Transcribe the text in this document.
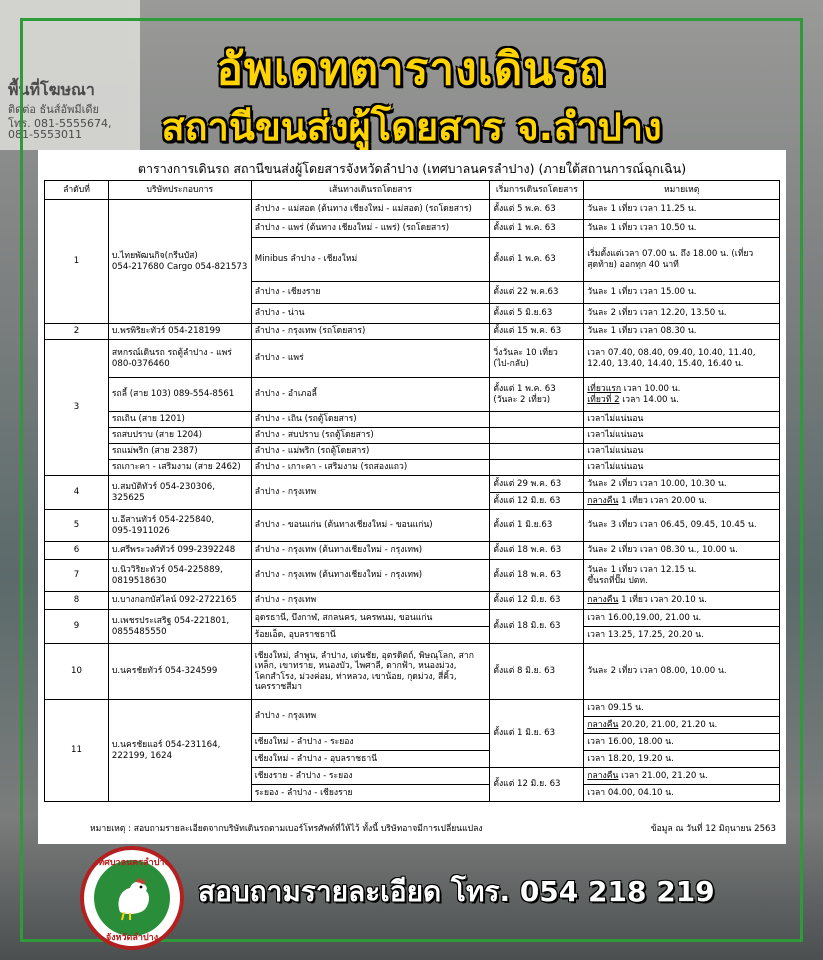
พื้นที่โฆษณา
ติดต่อ ธันส์อัพมีเดีย
โทร. 081-5555674,
081-5553011
อัพเดทตารางเดินรถ
สถานีขนส่งผู้โดยสาร จ.ลำปาง
ตารางการเดินรถ สถานีขนส่งผู้โดยสารจังหวัดลำปาง (เทศบาลนครลำปาง) (ภายใต้สถานการณ์ฉุกเฉิน)
ลำดับที่	บริษัทประกอบการ	เส้นทางเดินรถโดยสาร	เริ่มการเดินรถโดยสาร	หมายเหตุ
1	บ.ไทยพัฒนกิจ(กรีนบัส)
054-217680 Cargo 054-821573	ลำปาง - แม่สอด (ต้นทาง เชียงใหม่ - แม่สอด) (รถโดยสาร)	ตั้งแต่ 5 พ.ค. 63	วันละ 1 เที่ยว เวลา 11.25 น.
		ลำปาง - แพร่ (ต้นทาง เชียงใหม่ - แพร่) (รถโดยสาร)	ตั้งแต่ 1 พ.ค. 63	วันละ 1 เที่ยว เวลา 10.50 น.
		Minibus ลำปาง - เชียงใหม่	ตั้งแต่ 1 พ.ค. 63	เริ่มตั้งแต่เวลา 07.00 น. ถึง 18.00 น. (เที่ยวสุดท้าย) ออกทุก 40 นาที
		ลำปาง - เชียงราย	ตั้งแต่ 22 พ.ค.63	วันละ 1 เที่ยว เวลา 15.00 น.
		ลำปาง - น่าน	ตั้งแต่ 5 มิ.ย.63	วันละ 2 เที่ยว เวลา 12.20, 13.50 น.
2	บ.พรพิริยะทัวร์ 054-218199	ลำปาง - กรุงเทพ (รถโดยสาร)	ตั้งแต่ 15 พ.ค. 63	วันละ 1 เที่ยว เวลา 08.30 น.
3	สหกรณ์เดินรถ รถตู้ลำปาง - แพร่
080-0376460	ลำปาง - แพร่	วิ่งวันละ 10 เที่ยว
(ไป-กลับ)	เวลา 07.40, 08.40, 09.40, 10.40, 11.40, 12.40, 13.40, 14.40, 15.40, 16.40 น.
	รถลี้ (สาย 103) 089-554-8561	ลำปาง - อำเภอลี้	ตั้งแต่ 1 พ.ค. 63
(วันละ 2 เที่ยว)	เที่ยวแรก เวลา 10.00 น.
เที่ยวที่ 2 เวลา 14.00 น.
	รถเถิน (สาย 1201)	ลำปาง - เถิน (รถตู้โดยสาร)		เวลาไม่แน่นอน
	รถสบปราบ (สาย 1204)	ลำปาง - สบปราบ (รถตู้โดยสาร)		เวลาไม่แน่นอน
	รถแม่พริก (สาย 2387)	ลำปาง - แม่พริก (รถตู้โดยสาร)		เวลาไม่แน่นอน
	รถเกาะคา - เสริมงาม (สาย 2462)	ลำปาง - เกาะคา - เสริมงาม (รถสองแถว)		เวลาไม่แน่นอน
4	บ.สมบัติทัวร์ 054-230306, 325625	ลำปาง - กรุงเทพ	ตั้งแต่ 29 พ.ค. 63	วันละ 2 เที่ยว เวลา 10.00, 10.30 น.
			ตั้งแต่ 12 มิ.ย. 63	กลางคืน 1 เที่ยว เวลา 20.00 น.
5	บ.อีสานทัวร์ 054-225840,
095-1911026	ลำปาง - ขอนแก่น (ต้นทางเชียงใหม่ - ขอนแก่น)	ตั้งแต่ 1 มิ.ย.63	วันละ 3 เที่ยว เวลา 06.45, 09.45, 10.45 น.
6	บ.ศรีพระวงศ์ทัวร์ 099-2392248	ลำปาง - กรุงเทพ (ต้นทางเชียงใหม่ - กรุงเทพ)	ตั้งแต่ 18 พ.ค. 63	วันละ 2 เที่ยว เวลา 08.30 น., 10.00 น.
7	บ.นิววิริยะทัวร์ 054-225889,
0819518630	ลำปาง - กรุงเทพ (ต้นทางเชียงใหม่ - กรุงเทพ)	ตั้งแต่ 18 พ.ค. 63	วันละ 1 เที่ยว เวลา 12.15 น.
ขึ้นรถที่ปั๊ม ปตท.
8	บ.บางกอกบัสไลน์ 092-2722165	ลำปาง - กรุงเทพ	ตั้งแต่ 12 มิ.ย. 63	กลางคืน 1 เที่ยว เวลา 20.10 น.
9	บ.เพชรประเสริฐ 054-221801,
0855485550	อุดรธานี, บึงกาฬ, สกลนคร, นครพนม, ขอนแก่น	ตั้งแต่ 18 มิ.ย. 63	เวลา 16.00,19.00, 21.00 น.
		ร้อยเอ็ด, อุบลราชธานี		เวลา 13.25, 17.25, 20.20 น.
10	บ.นครชัยทัวร์ 054-324599	เชียงใหม่, ลำพูน, ลำปาง, เด่นชัย, อุตรดิตถ์, พิษณุโลก, สากเหล็ก, เขาทราย, หนองบัว, ไพศาลี, ตากฟ้า, หนองม่วง, โคกสำโรง, ม่วงค่อม, ท่าหลวง, เขาน้อย, กุดม่วง, สี่คิ้ว, นครราชสีมา	ตั้งแต่ 8 มิ.ย. 63	วันละ 2 เที่ยว เวลา 08.00, 10.00 น.
11	บ.นครชัยแอร์ 054-231164,
222199, 1624	ลำปาง - กรุงเทพ	ตั้งแต่ 1 มิ.ย. 63	เวลา 09.15 น.
				กลางคืน 20.20, 21.00, 21.20 น.
		เชียงใหม่ - ลำปาง - ระยอง		เวลา 16.00, 18.00 น.
		เชียงใหม่ - ลำปาง - อุบลราชธานี		เวลา 18.20, 19.20 น.
		เชียงราย - ลำปาง - ระยอง	ตั้งแต่ 12 มิ.ย. 63	กลางคืน เวลา 21.00, 21.20 น.
		ระยอง - ลำปาง - เชียงราย		เวลา 04.00, 04.10 น.
หมายเหตุ : สอบถามรายละเอียดจากบริษัทเดินรถตามเบอร์โทรศัพท์ที่ให้ไว้ ทั้งนี้ บริษัทอาจมีการเปลี่ยนแปลง	ข้อมูล ณ วันที่ 12 มิถุนายน 2563
เทศบาลนครลำปาง
จังหวัดลำปาง
สอบถามรายละเอียด โทร. 054 218 219
